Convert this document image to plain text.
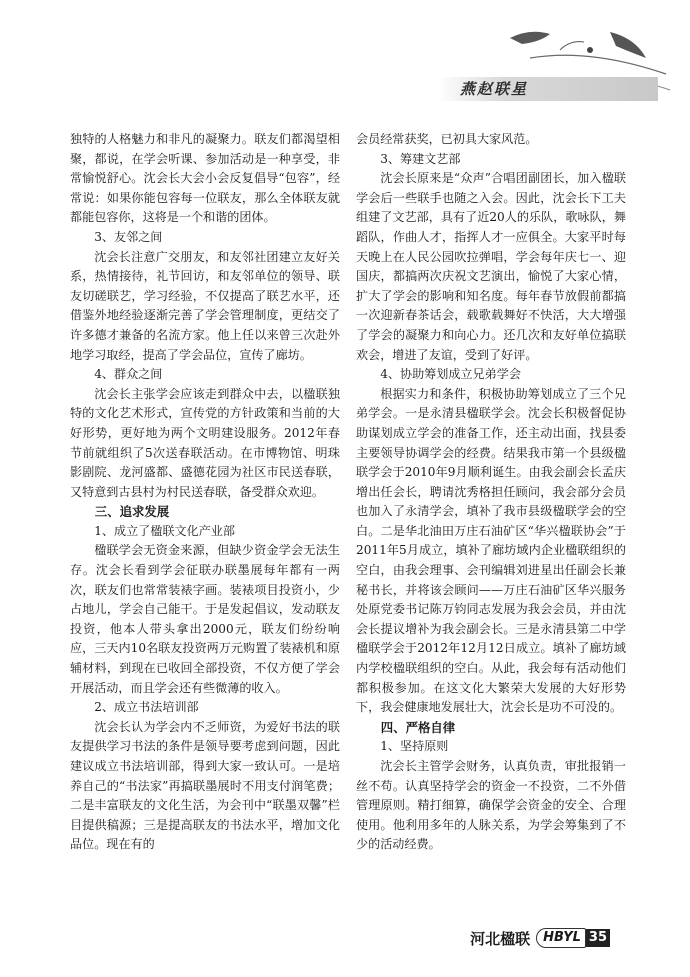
燕赵联星

独特的人格魅力和非凡的凝聚力。联友们都渴望相聚，都说，在学会听课、参加活动是一种享受，非常愉悦舒心。沈会长大会小会反复倡导“包容”，经常说：如果你能包容每一位联友，那么全体联友就都能包容你，这将是一个和谐的团体。

3、友邻之间

沈会长注意广交朋友，和友邻社团建立友好关系，热情接待，礼节回访，和友邻单位的领导、联友切磋联艺，学习经验，不仅提高了联艺水平，还借鉴外地经验逐渐完善了学会管理制度，更结交了许多德才兼备的名流方家。他上任以来曾三次赴外地学习取经，提高了学会品位，宣传了廊坊。

4、群众之间

沈会长主张学会应该走到群众中去，以楹联独特的文化艺术形式，宣传党的方针政策和当前的大好形势，更好地为两个文明建设服务。2012年春节前就组织了5次送春联活动。在市博物馆、明珠影剧院、龙河盛都、盛德花园为社区市民送春联，又特意到古县村为村民送春联，备受群众欢迎。

三、追求发展
1、成立了楹联文化产业部

楹联学会无资金来源，但缺少资金学会无法生存。沈会长看到学会征联办联墨展每年都有一两次，联友们也常常装裱字画。装裱项目投资小，少占地儿，学会自己能干。于是发起倡议，发动联友投资，他本人带头拿出2000元，联友们纷纷响应，三天内10名联友投资两万元购置了装裱机和原辅材料，到现在已收回全部投资，不仅方便了学会开展活动，而且学会还有些微薄的收入。

2、成立书法培训部

沈会长认为学会内不乏师资，为爱好书法的联友提供学习书法的条件是领导要考虑到问题，因此建议成立书法培训部，得到大家一致认可。一是培养自己的“书法家”再搞联墨展时不用支付润笔费；二是丰富联友的文化生活，为会刊中“联墨双馨”栏目提供稿源；三是提高联友的书法水平，增加文化品位。现在有的

会员经常获奖，已初具大家风范。

3、筹建文艺部

沈会长原来是“众声”合唱团副团长，加入楹联学会后一些联手也随之入会。因此，沈会长下工夫组建了文艺部，具有了近20人的乐队，歌咏队，舞蹈队，作曲人才，指挥人才一应俱全。大家平时每天晚上在人民公园吹拉弹唱，学会每年庆七一、迎国庆，都搞两次庆祝文艺演出，愉悦了大家心情，扩大了学会的影响和知名度。每年春节放假前都搞一次迎新春茶话会，载歌载舞好不快活，大大增强了学会的凝聚力和向心力。还几次和友好单位搞联欢会，增进了友谊，受到了好评。

4、协助筹划成立兄弟学会

根据实力和条件，积极协助筹划成立了三个兄弟学会。一是永清县楹联学会。沈会长积极督促协助谋划成立学会的准备工作，还主动出面，找县委主要领导协调学会的经费。结果我市第一个县级楹联学会于2010年9月顺利诞生。由我会副会长孟庆增出任会长，聘请沈秀格担任顾问，我会部分会员也加入了永清学会，填补了我市县级楹联学会的空白。二是华北油田万庄石油矿区“华兴楹联协会”于2011年5月成立，填补了廊坊域内企业楹联组织的空白，由我会理事、会刊编辑刘进星出任副会长兼秘书长，并将该会顾问——万庄石油矿区华兴服务处原党委书记陈万钧同志发展为我会会员，并由沈会长提议增补为我会副会长。三是永清县第二中学楹联学会于2012年12月12日成立。填补了廊坊域内学校楹联组织的空白。从此，我会每有活动他们都积极参加。在这文化大繁荣大发展的大好形势下，我会健康地发展壮大，沈会长是功不可没的。

四、严格自律
1、坚持原则

沈会长主管学会财务，认真负责，审批报销一丝不苟。认真坚持学会的资金一不投资，二不外借管理原则。精打细算，确保学会资金的安全、合理使用。他利用多年的人脉关系，为学会筹集到了不少的活动经费。

河北楹联	HBYL 35
